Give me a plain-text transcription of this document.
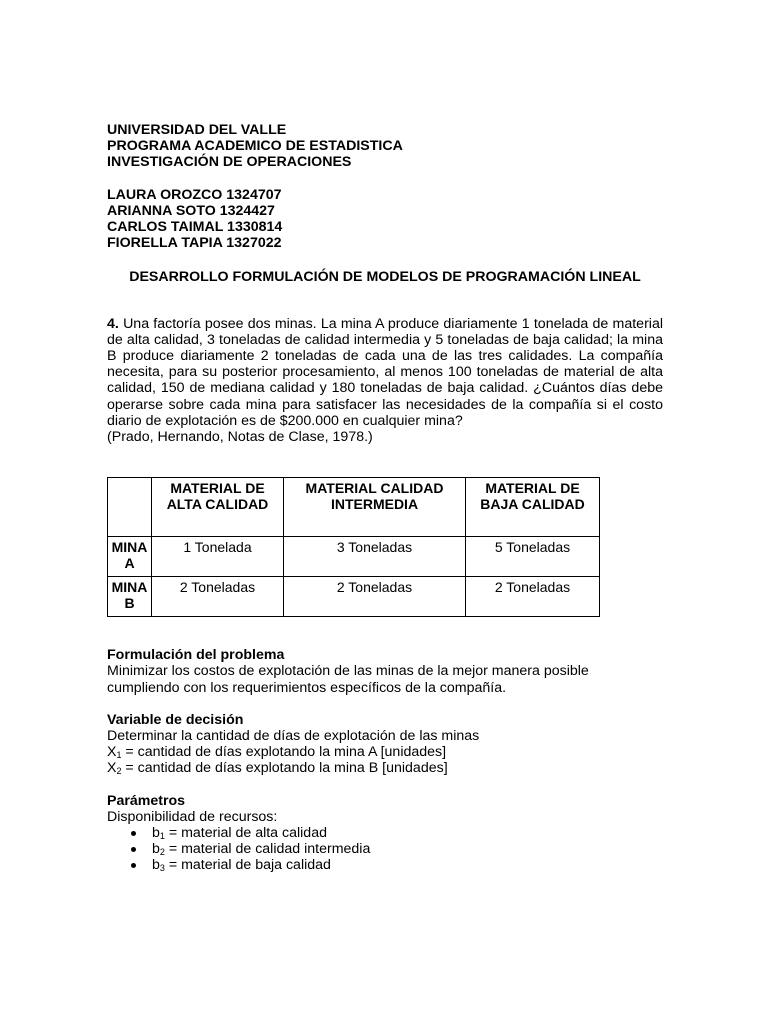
UNIVERSIDAD DEL VALLE
PROGRAMA ACADEMICO DE ESTADISTICA
INVESTIGACIÓN DE OPERACIONES
LAURA OROZCO 1324707
ARIANNA SOTO 1324427
CARLOS TAIMAL 1330814
FIORELLA TAPIA 1327022
DESARROLLO FORMULACIÓN DE MODELOS DE PROGRAMACIÓN LINEAL
4. Una factoría posee dos minas. La mina A produce diariamente 1 tonelada de material de alta calidad, 3 toneladas de calidad intermedia y 5 toneladas de baja calidad; la mina B produce diariamente 2 toneladas de cada una de las tres calidades. La compañía necesita, para su posterior procesamiento, al menos 100 toneladas de material de alta calidad, 150 de mediana calidad y 180 toneladas de baja calidad. ¿Cuántos días debe operarse sobre cada mina para satisfacer las necesidades de la compañía si el costo diario de explotación es de $200.000 en cualquier mina?
(Prado, Hernando, Notas de Clase, 1978.)
	MATERIAL DE ALTA CALIDAD	MATERIAL CALIDAD INTERMEDIA	MATERIAL DE BAJA CALIDAD
MINA A	1 Tonelada	3 Toneladas	5 Toneladas
MINA B	2 Toneladas	2 Toneladas	2 Toneladas
Formulación del problema
Minimizar los costos de explotación de las minas de la mejor manera posible cumpliendo con los requerimientos específicos de la compañía.
Variable de decisión
Determinar la cantidad de días de explotación de las minas
$X_1$ = cantidad de días explotando la mina A [unidades]
$X_2$ = cantidad de días explotando la mina B [unidades]
Parámetros
Disponibilidad de recursos:
$b_1$ = material de alta calidad
$b_2$ = material de calidad intermedia
$b_3$ = material de baja calidad
